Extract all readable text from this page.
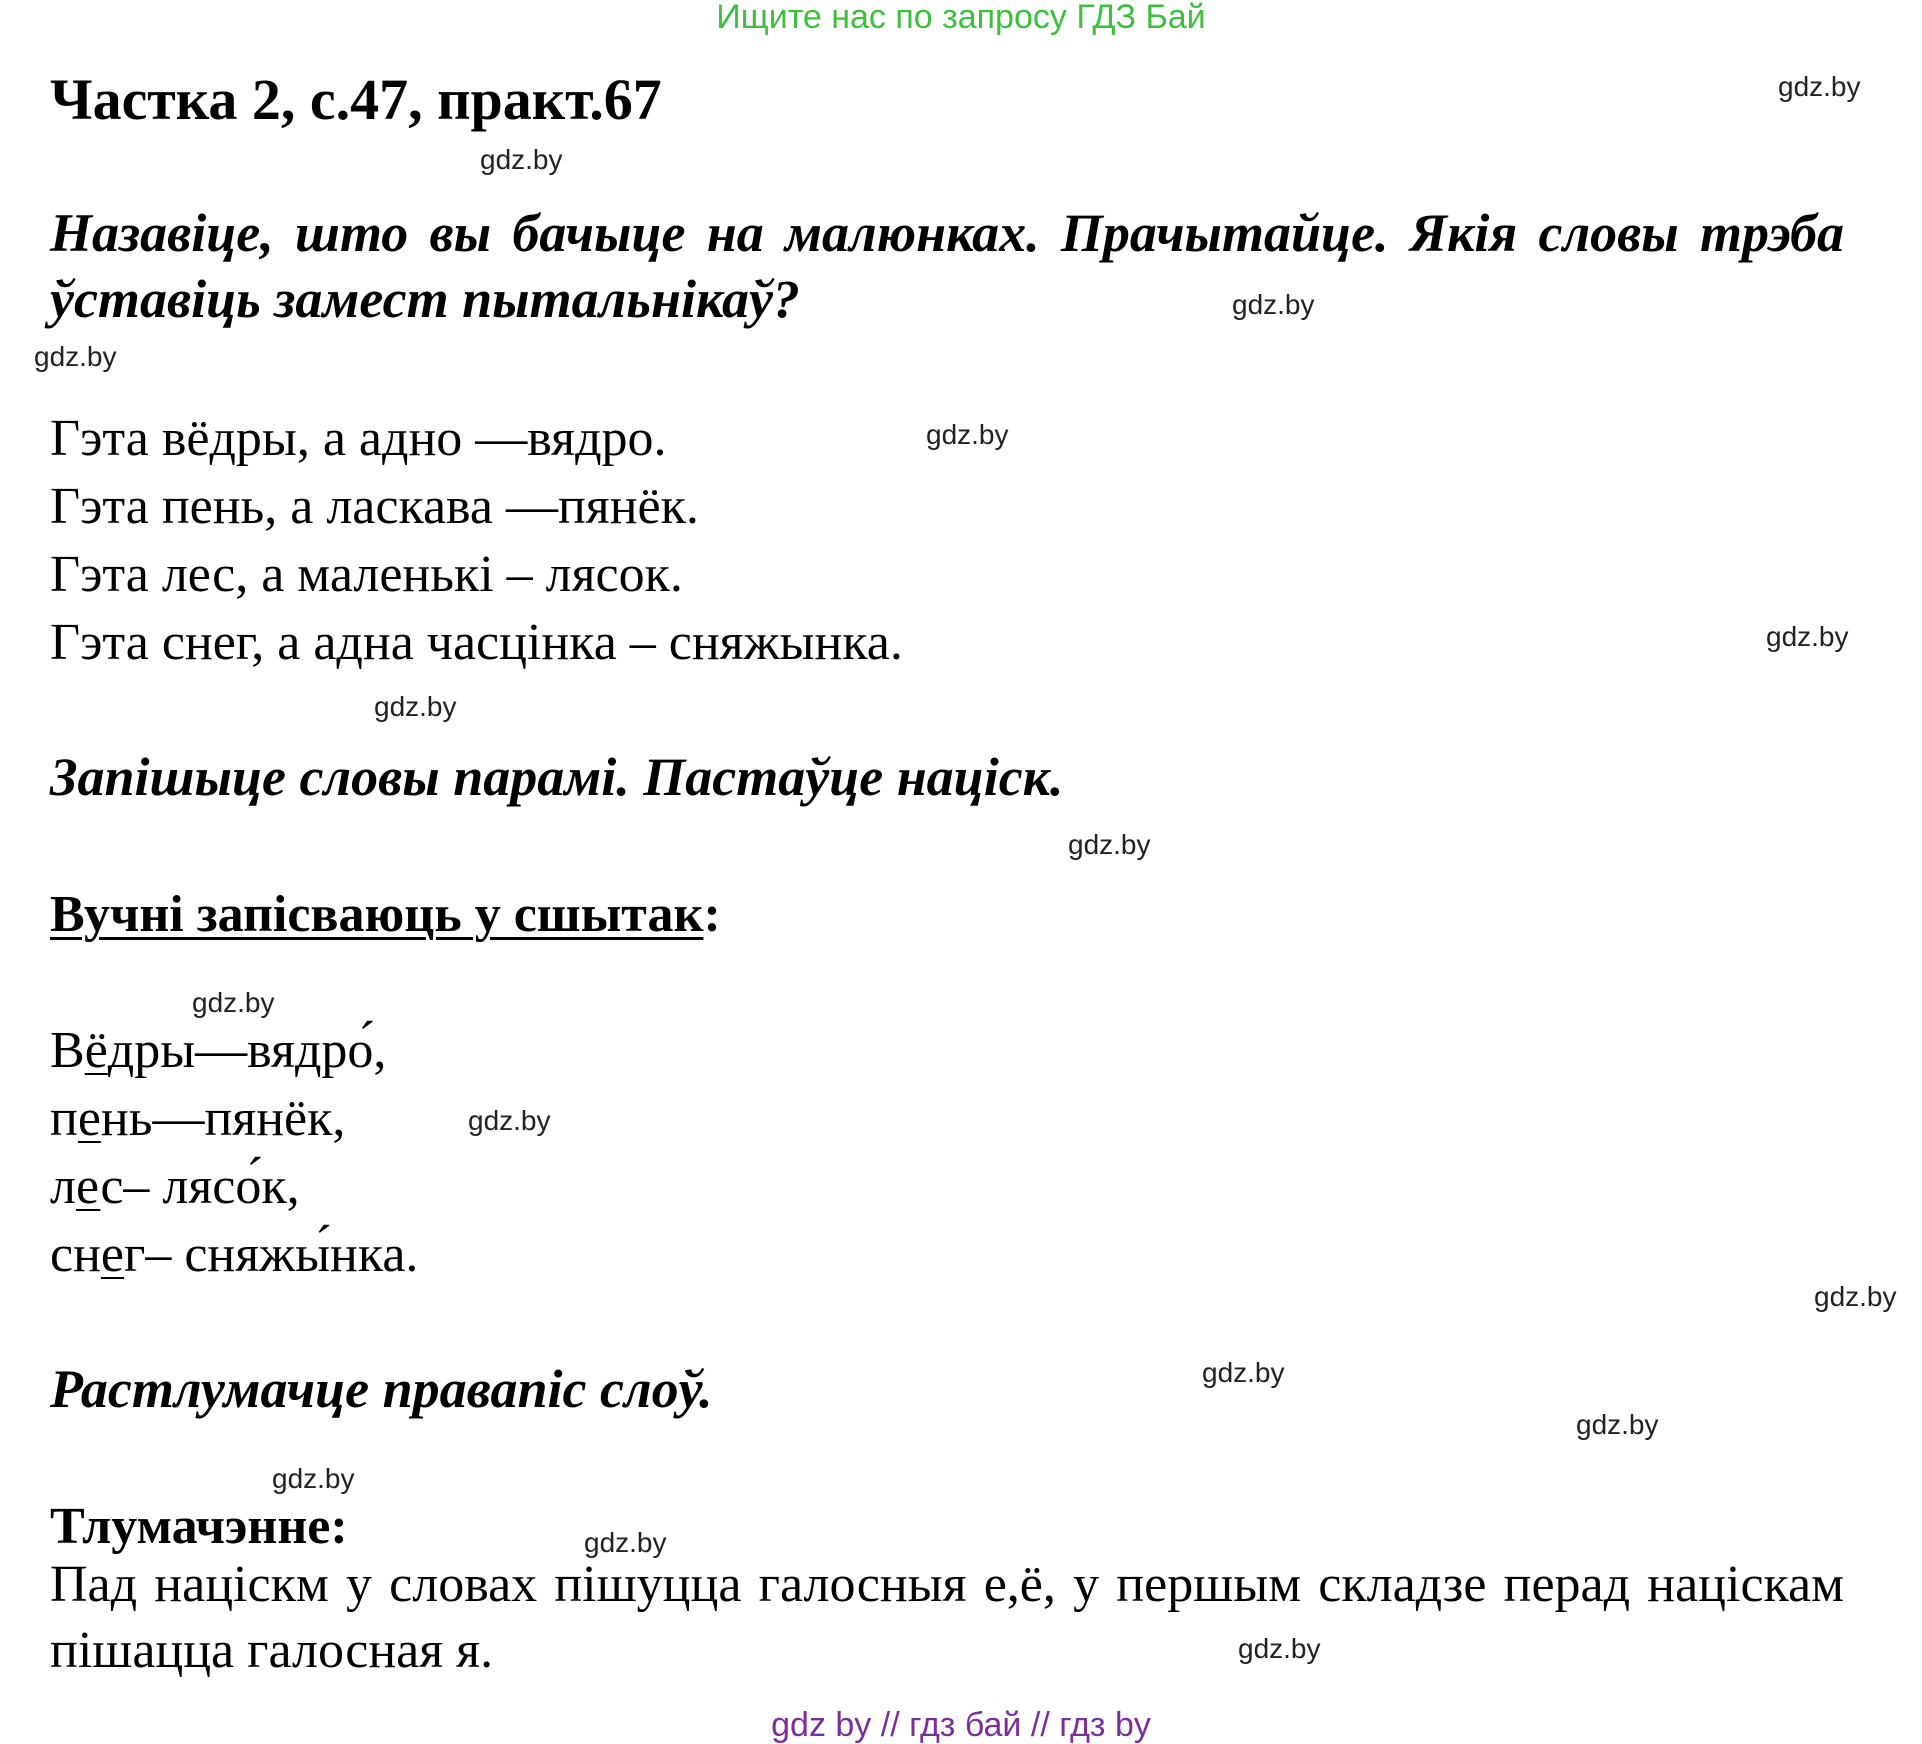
Ищите нас по запросу ГДЗ Бай
Частка 2, с.47, практ.67
Назавіце, што вы бачыце на малюнках. Прачытайце. Якія словы трэба ўставіць замест пытальнікаў?
Гэта вёдры, а адно —вядро.
Гэта пень, а ласкава —пянёк.
Гэта лес, а маленькі – лясок.
Гэта снег, а адна часцінка – сняжынка.
Запішыце словы парамі. Пастаўце націск.
Вучні запісваюць у сшытак:
Вёдры—вядро́,
пень—пянёк,
лес– лясо́к,
снег– сняжы́нка.
Растлумачце правапіс слоў.
Тлумачэнне:
Пад націскм у словах пішуцца галосныя е,ё, у першым складзе перад націскам пішацца галосная я.
gdz.by
gdz.by
gdz.by
gdz.by
gdz.by
gdz.by
gdz.by
gdz.by
gdz.by
gdz.by
gdz.by
gdz.by
gdz.by
gdz.by
gdz.by
gdz.by
gdz by // гдз бай // гдз by
